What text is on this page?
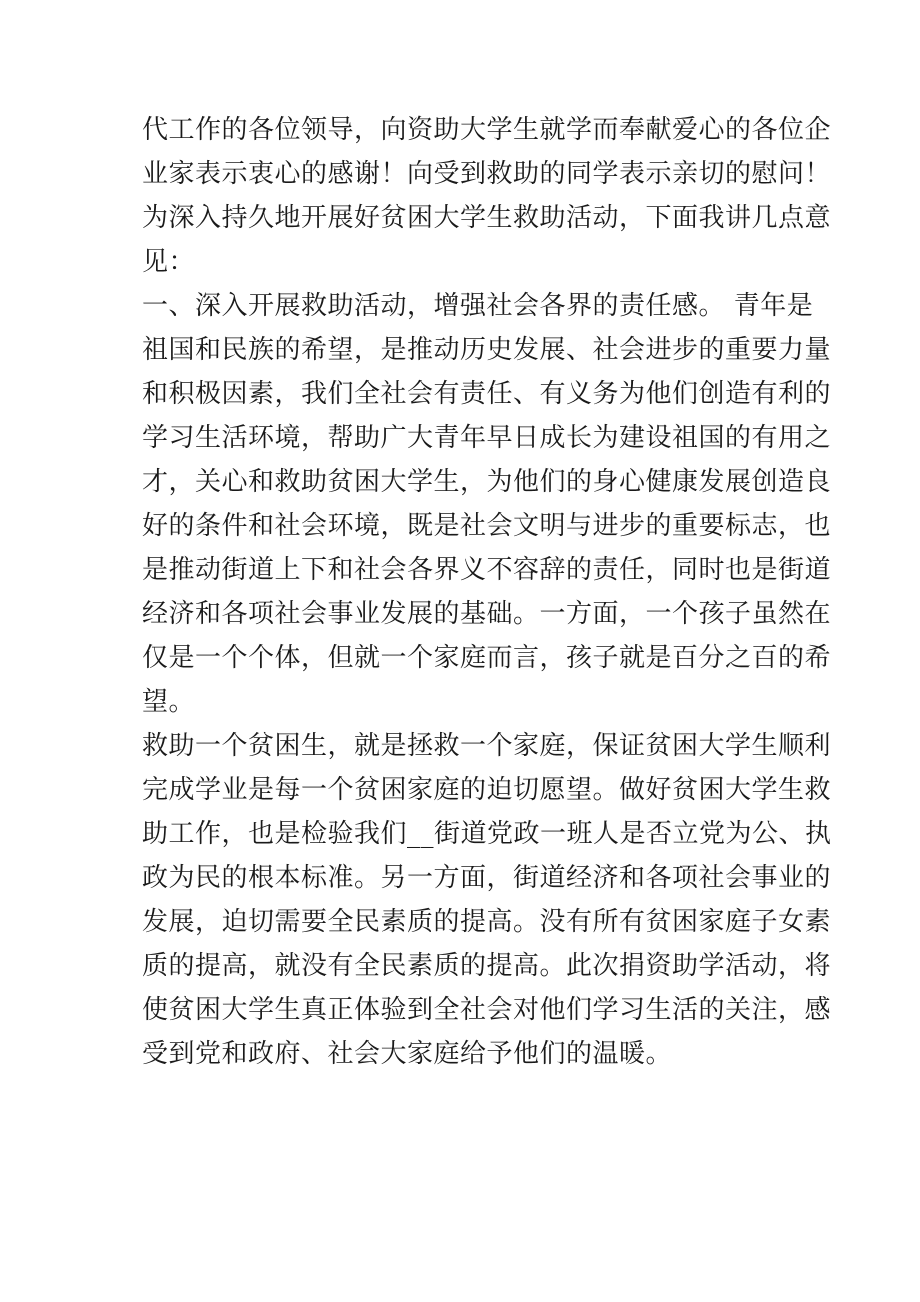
代工作的各位领导，向资助大学生就学而奉献爱心的各位企
业家表示衷心的感谢！向受到救助的同学表示亲切的慰问！
为深入持久地开展好贫困大学生救助活动，下面我讲几点意
见：
一、深入开展救助活动，增强社会各界的责任感。 青年是
祖国和民族的希望，是推动历史发展、社会进步的重要力量
和积极因素，我们全社会有责任、有义务为他们创造有利的
学习生活环境，帮助广大青年早日成长为建设祖国的有用之
才，关心和救助贫困大学生，为他们的身心健康发展创造良
好的条件和社会环境，既是社会文明与进步的重要标志，也
是推动街道上下和社会各界义不容辞的责任，同时也是街道
经济和各项社会事业发展的基础。一方面，一个孩子虽然在
仅是一个个体，但就一个家庭而言，孩子就是百分之百的希
望。
救助一个贫困生，就是拯救一个家庭，保证贫困大学生顺利
完成学业是每一个贫困家庭的迫切愿望。做好贫困大学生救
助工作，也是检验我们__街道党政一班人是否立党为公、执
政为民的根本标准。另一方面，街道经济和各项社会事业的
发展，迫切需要全民素质的提高。没有所有贫困家庭子女素
质的提高，就没有全民素质的提高。此次捐资助学活动，将
使贫困大学生真正体验到全社会对他们学习生活的关注，感
受到党和政府、社会大家庭给予他们的温暖。
